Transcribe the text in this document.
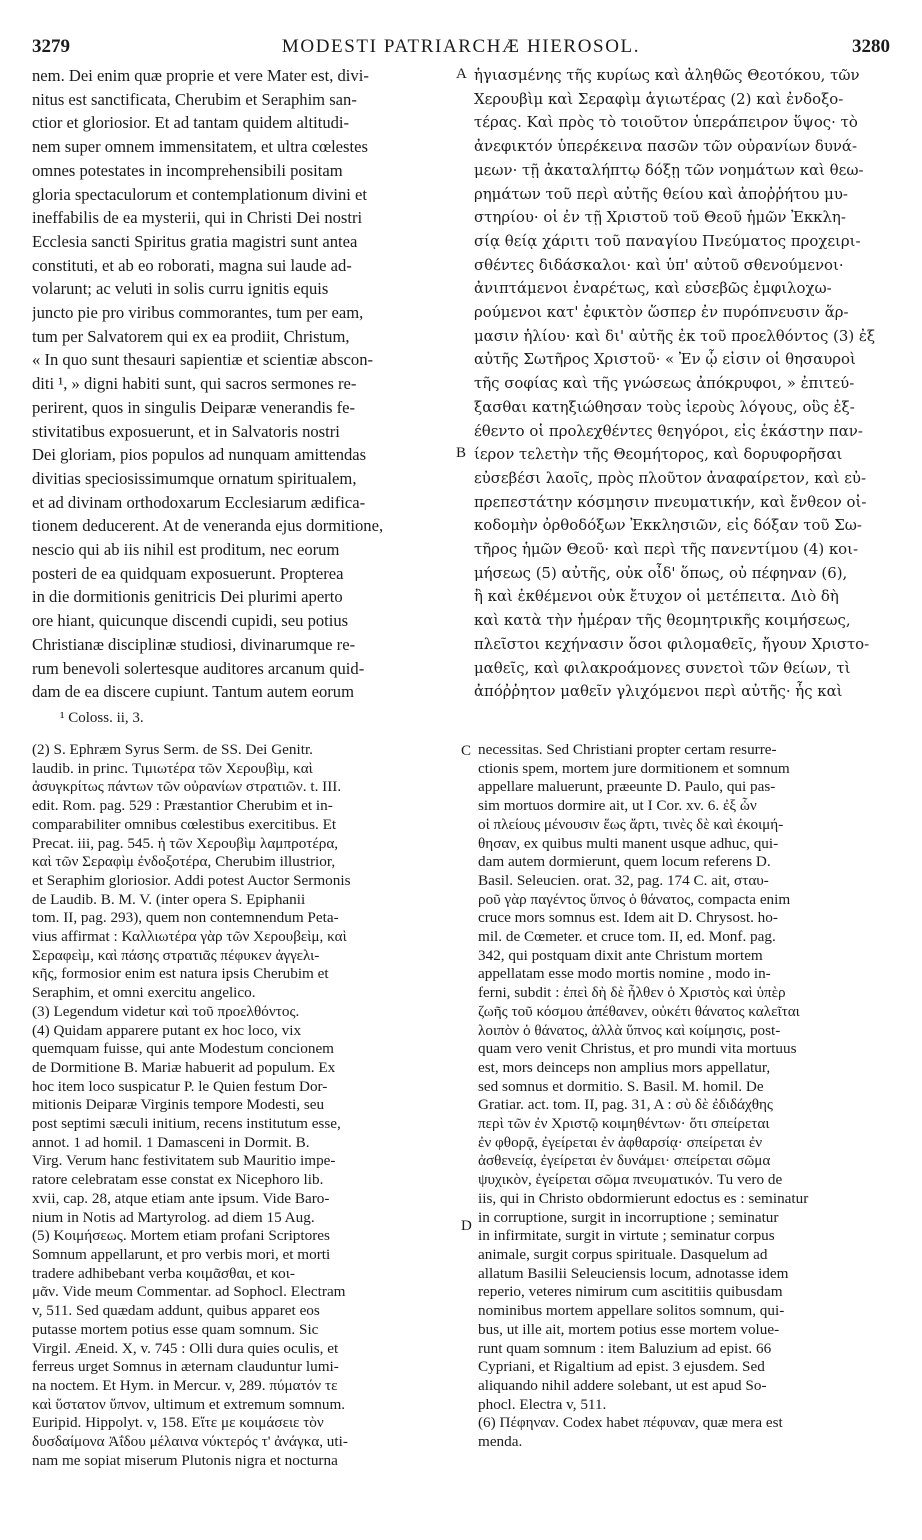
3279	MODESTI PATRIARCHÆ HIEROSOL.	3280
nem. Dei enim quæ proprie et vere Mater est, divi-
nitus est sanctificata, Cherubim et Seraphim san-
ctior et gloriosior. Et ad tantam quidem altitudi-
nem super omnem immensitatem, et ultra cœlestes
omnes potestates in incomprehensibili positam
gloria spectaculorum et contemplationum divini et
ineffabilis de ea mysterii, qui in Christi Dei nostri
Ecclesia sancti Spiritus gratia magistri sunt antea
constituti, et ab eo roborati, magna sui laude ad-
volarunt; ac veluti in solis curru ignitis equis
juncto pie pro viribus commorantes, tum per eam,
tum per Salvatorem qui ex ea prodiit, Christum,
« In quo sunt thesauri sapientiæ et scientiæ abscon-
diti ¹, » digni habiti sunt, qui sacros sermones re-
perirent, quos in singulis Deiparæ venerandis fe-
stivitatibus exposuerunt, et in Salvatoris nostri
Dei gloriam, pios populos ad nunquam amittendas
divitias speciosissimumque ornatum spiritualem,
et ad divinam orthodoxarum Ecclesiarum ædifica-
tionem deducerent. At de veneranda ejus dormitione,
nescio qui ab iis nihil est proditum, nec eorum
posteri de ea quidquam exposuerunt. Propterea
in die dormitionis genitricis Dei plurimi aperto
ore hiant, quicunque discendi cupidi, seu potius
Christianæ disciplinæ studiosi, divinarumque re-
rum benevoli solertesque auditores arcanum quid-
dam de ea discere cupiunt. Tantum autem eorum
ἡγιασμένης τῆς κυρίως καὶ ἀληθῶς Θεοτόκου, τῶν
Χερουβὶμ καὶ Σεραφὶμ ἁγιωτέρας (2) καὶ ἐνδοξο-
τέρας. Καὶ πρὸς τὸ τοιοῦτον ὑπεράπειρον ὕψος· τὸ
ἀνεφικτόν ὑπερέκεινα πασῶν τῶν οὐρανίων δυνά-
μεων· τῇ ἀκαταλήπτῳ δόξῃ τῶν νοημάτων καὶ θεω-
ρημάτων τοῦ περὶ αὐτῆς θείου καὶ ἀποῤῥήτου μυ-
στηρίου· οἱ ἐν τῇ Χριστοῦ τοῦ Θεοῦ ἡμῶν Ἐκκλη-
σίᾳ θείᾳ χάριτι τοῦ παναγίου Πνεύματος προχειρι-
σθέντες διδάσκαλοι· καὶ ὑπ' αὐτοῦ σθενούμενοι·
ἀνιπτάμενοι ἐναρέτως, καὶ εὐσεβῶς ἐμφιλοχω-
ρούμενοι κατ' ἐφικτὸν ὥσπερ ἐν πυρόπνευσιν ἅρ-
μασιν ἡλίου· καὶ δι' αὐτῆς ἐκ τοῦ προελθόντος (3) ἐξ
αὐτῆς Σωτῆρος Χριστοῦ· « Ἐν ᾧ εἰσιν οἱ θησαυροὶ
τῆς σοφίας καὶ τῆς γνώσεως ἀπόκρυφοι, » ἐπιτεύ-
ξασθαι κατηξιώθησαν τοὺς ἱεροὺς λόγους, οὓς ἐξ-
έθεντο οἱ προλεχθέντες θεηγόροι, εἰς ἑκάστην παν-
ίερον τελετὴν τῆς Θεομήτορος, καὶ δορυφορῆσαι
εὐσεβέσι λαοῖς, πρὸς πλοῦτον ἀναφαίρετον, καὶ εὐ-
πρεπεστάτην κόσμησιν πνευματικήν, καὶ ἔνθεον οἰ-
κοδομὴν ὀρθοδόξων Ἐκκλησιῶν, εἰς δόξαν τοῦ Σω-
τῆρος ἡμῶν Θεοῦ· καὶ περὶ τῆς πανεντίμου (4) κοι-
μήσεως (5) αὐτῆς, οὐκ οἶδ' ὅπως, οὐ πέφηναν (6),
ἢ καὶ ἐκθέμενοι οὐκ ἔτυχον οἱ μετέπειτα. Διὸ δὴ
καὶ κατὰ τὴν ἡμέραν τῆς θεομητρικῆς κοιμήσεως,
πλεῖστοι κεχήνασιν ὅσοι φιλομαθεῖς, ἤγουν Χριστο-
μαθεῖς, καὶ φιλακροάμονες συνετοὶ τῶν θείων, τὶ
ἀπόῤῥητον μαθεῖν γλιχόμενοι περὶ αὐτῆς· ἧς καὶ
A
B
C
D
¹ Coloss. ii, 3.
(2) S. Ephræm Syrus Serm. de SS. Dei Genitr.
laudib. in princ. Τιμιωτέρα τῶν Χερουβὶμ, καὶ
ἀσυγκρίτως πάντων τῶν οὐρανίων στρατιῶν. t. III.
edit. Rom. pag. 529 : Præstantior Cherubim et in-
comparabiliter omnibus cœlestibus exercitibus. Et
Precat. iii, pag. 545. ἡ τῶν Χερουβὶμ λαμπροτέρα,
καὶ τῶν Σεραφὶμ ἐνδοξοτέρα, Cherubim illustrior,
et Seraphim gloriosior. Addi potest Auctor Sermonis
de Laudib. B. M. V. (inter opera S. Epiphanii
tom. II, pag. 293), quem non contemnendum Peta-
vius affirmat : Καλλιωτέρα γὰρ τῶν Χερουβεὶμ, καὶ
Σεραφεὶμ, καὶ πάσης στρατιᾶς πέφυκεν ἀγγελι-
κῆς, formosior enim est natura ipsis Cherubim et
Seraphim, et omni exercitu angelico.
(3) Legendum videtur καὶ τοῦ προελθόντος.
(4) Quidam apparere putant ex hoc loco, vix
quemquam fuisse, qui ante Modestum concionem
de Dormitione B. Mariæ habuerit ad populum. Ex
hoc item loco suspicatur P. le Quien festum Dor-
mitionis Deiparæ Virginis tempore Modesti, seu
post septimi sæculi initium, recens institutum esse,
annot. 1 ad homil. 1 Damasceni in Dormit. B.
Virg. Verum hanc festivitatem sub Mauritio impe-
ratore celebratam esse constat ex Nicephoro lib.
xvii, cap. 28, atque etiam ante ipsum. Vide Baro-
nium in Notis ad Martyrolog. ad diem 15 Aug.
(5) Κοιμήσεως. Mortem etiam profani Scriptores
Somnum appellarunt, et pro verbis mori, et morti
tradere adhibebant verba κοιμᾶσθαι, et κοι-
μᾶν. Vide meum Commentar. ad Sophocl. Electram
v, 511. Sed quædam addunt, quibus apparet eos
putasse mortem potius esse quam somnum. Sic
Virgil. Æneid. X, v. 745 : Olli dura quies oculis, et
ferreus urget Somnus in æternam clauduntur lumi-
na noctem. Et Hym. in Mercur. v, 289. πύματόν τε
καὶ ὕστατον ὕπνον, ultimum et extremum somnum.
Euripid. Hippolyt. v, 158. Εἴτε με κοιμάσειε τὸν
δυσδαίμονα Ἀΐδου μέλαινα νύκτερός τ' ἀνάγκα, uti-
nam me sopiat miserum Plutonis nigra et nocturna
necessitas. Sed Christiani propter certam resurre-
ctionis spem, mortem jure dormitionem et somnum
appellare maluerunt, præeunte D. Paulo, qui pas-
sim mortuos dormire ait, ut I Cor. xv. 6. ἐξ ὧν
οἱ πλείους μένουσιν ἕως ἄρτι, τινὲς δὲ καὶ ἐκοιμή-
θησαν, ex quibus multi manent usque adhuc, qui-
dam autem dormierunt, quem locum referens D.
Basil. Seleucien. orat. 32, pag. 174 C. ait, σταυ-
ροῦ γὰρ παγέντος ὕπνος ὁ θάνατος, compacta enim
cruce mors somnus est. Idem ait D. Chrysost. ho-
mil. de Cœmeter. et cruce tom. II, ed. Monf. pag.
342, qui postquam dixit ante Christum mortem
appellatam esse modo mortis nomine , modo in-
ferni, subdit : ἐπεὶ δὴ δὲ ἦλθεν ὁ Χριστὸς καὶ ὑπὲρ
ζωῆς τοῦ κόσμου ἀπέθανεν, οὐκέτι θάνατος καλεῖται
λοιπὸν ὁ θάνατος, ἀλλὰ ὕπνος καὶ κοίμησις, post-
quam vero venit Christus, et pro mundi vita mortuus
est, mors deinceps non amplius mors appellatur,
sed somnus et dormitio. S. Basil. M. homil. De
Gratiar. act. tom. II, pag. 31, A : σὺ δὲ ἐδιδάχθης
περὶ τῶν ἐν Χριστῷ κοιμηθέντων· ὅτι σπείρεται
ἐν φθορᾷ, ἐγείρεται ἐν ἀφθαρσίᾳ· σπείρεται ἐν
ἀσθενείᾳ, ἐγείρεται ἐν δυνάμει· σπείρεται σῶμα
ψυχικὸν, ἐγείρεται σῶμα πνευματικόν. Tu vero de
iis, qui in Christo obdormierunt edoctus es : seminatur
in corruptione, surgit in incorruptione ; seminatur
in infirmitate, surgit in virtute ; seminatur corpus
animale, surgit corpus spirituale. Dasquelum ad
allatum Basilii Seleuciensis locum, adnotasse idem
reperio, veteres nimirum cum ascititiis quibusdam
nominibus mortem appellare solitos somnum, qui-
bus, ut ille ait, mortem potius esse mortem volue-
runt quam somnum : item Baluzium ad epist. 66
Cypriani, et Rigaltium ad epist. 3 ejusdem. Sed
aliquando nihil addere solebant, ut est apud So-
phocl. Electra v, 511.
(6) Πέφηναν. Codex habet πέφυναν, quæ mera est
menda.
